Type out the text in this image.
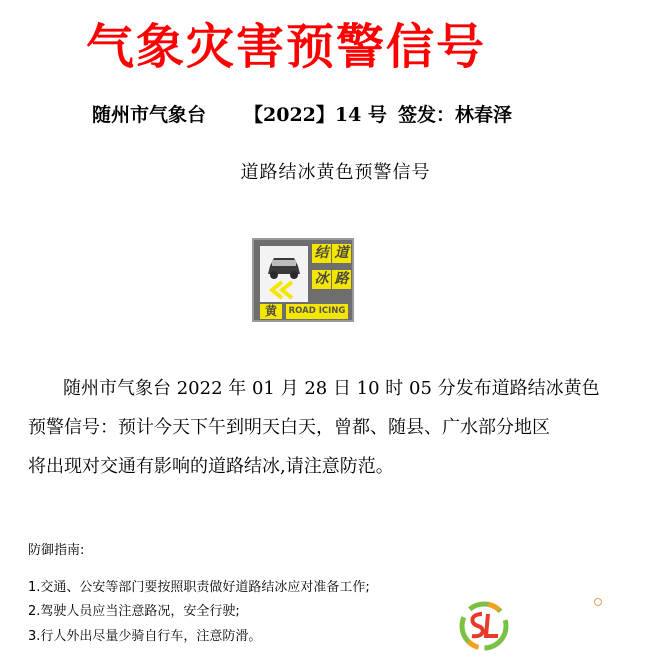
气象灾害预警信号
随州市气象台 【2022】14 号 签发：林春泽
道路结冰黄色预警信号
结 道
冰 路
黄	ROAD ICING
随州市气象台 2022 年 01 月 28 日 10 时 05 分发布道路结冰黄色
预警信号：预计今天下午到明天白天，曾都、随县、广水部分地区
将出现对交通有影响的道路结冰,请注意防范。
防御指南:
1.交通、公安等部门要按照职责做好道路结冰应对准备工作;
2.驾驶人员应当注意路况，安全行驶;
3.行人外出尽量少骑自行车，注意防滑。
